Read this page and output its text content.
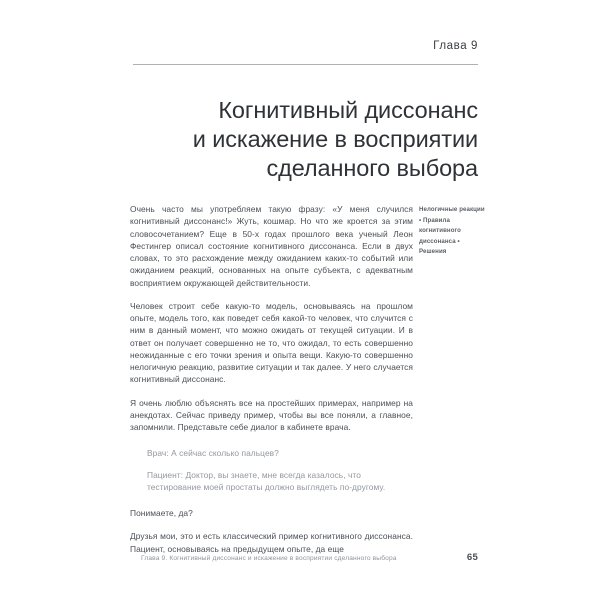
Глава 9
Когнитивный диссонанс
и искажение в восприятии
сделанного выбора
Нелогичные реакции • Правила когнитивного диссонанса • Решения

Очень часто мы употребляем такую фразу: «У меня случился когнитивный диссонанс!» Жуть, кошмар. Но что же кроется за этим словосочетанием? Еще в 50-х годах прошлого века ученый Леон Фестингер описал состояние когнитивного диссонанса. Если в двух словах, то это расхождение между ожиданием каких-то событий или ожиданием реакций, основанных на опыте субъекта, с адекватным восприятием окружающей действительности.

Человек строит себе какую-то модель, основываясь на прошлом опыте, модель того, как поведет себя какой-то человек, что случится с ним в данный момент, что можно ожидать от текущей ситуации. И в ответ он получает совершенно не то, что ожидал, то есть совершенно неожиданные с его точки зрения и опыта вещи. Какую-то совершенно нелогичную реакцию, развитие ситуации и так далее. У него случается когнитивный диссонанс.

Я очень люблю объяснять все на простейших примерах, например на анекдотах. Сейчас приведу пример, чтобы вы все поняли, а главное, запомнили. Представьте себе диалог в кабинете врача.

Врач: А сейчас сколько пальцев?

Пациент: Доктор, вы знаете, мне всегда казалось, что тестирование моей простаты должно выглядеть по-другому.

Понимаете, да?

Друзья мои, это и есть классический пример когнитивного диссонанса. Пациент, основываясь на предыдущем опыте, да еще

Глава 9. Когнитивный диссонанс и искажение в восприятии сделанного выбора	65
